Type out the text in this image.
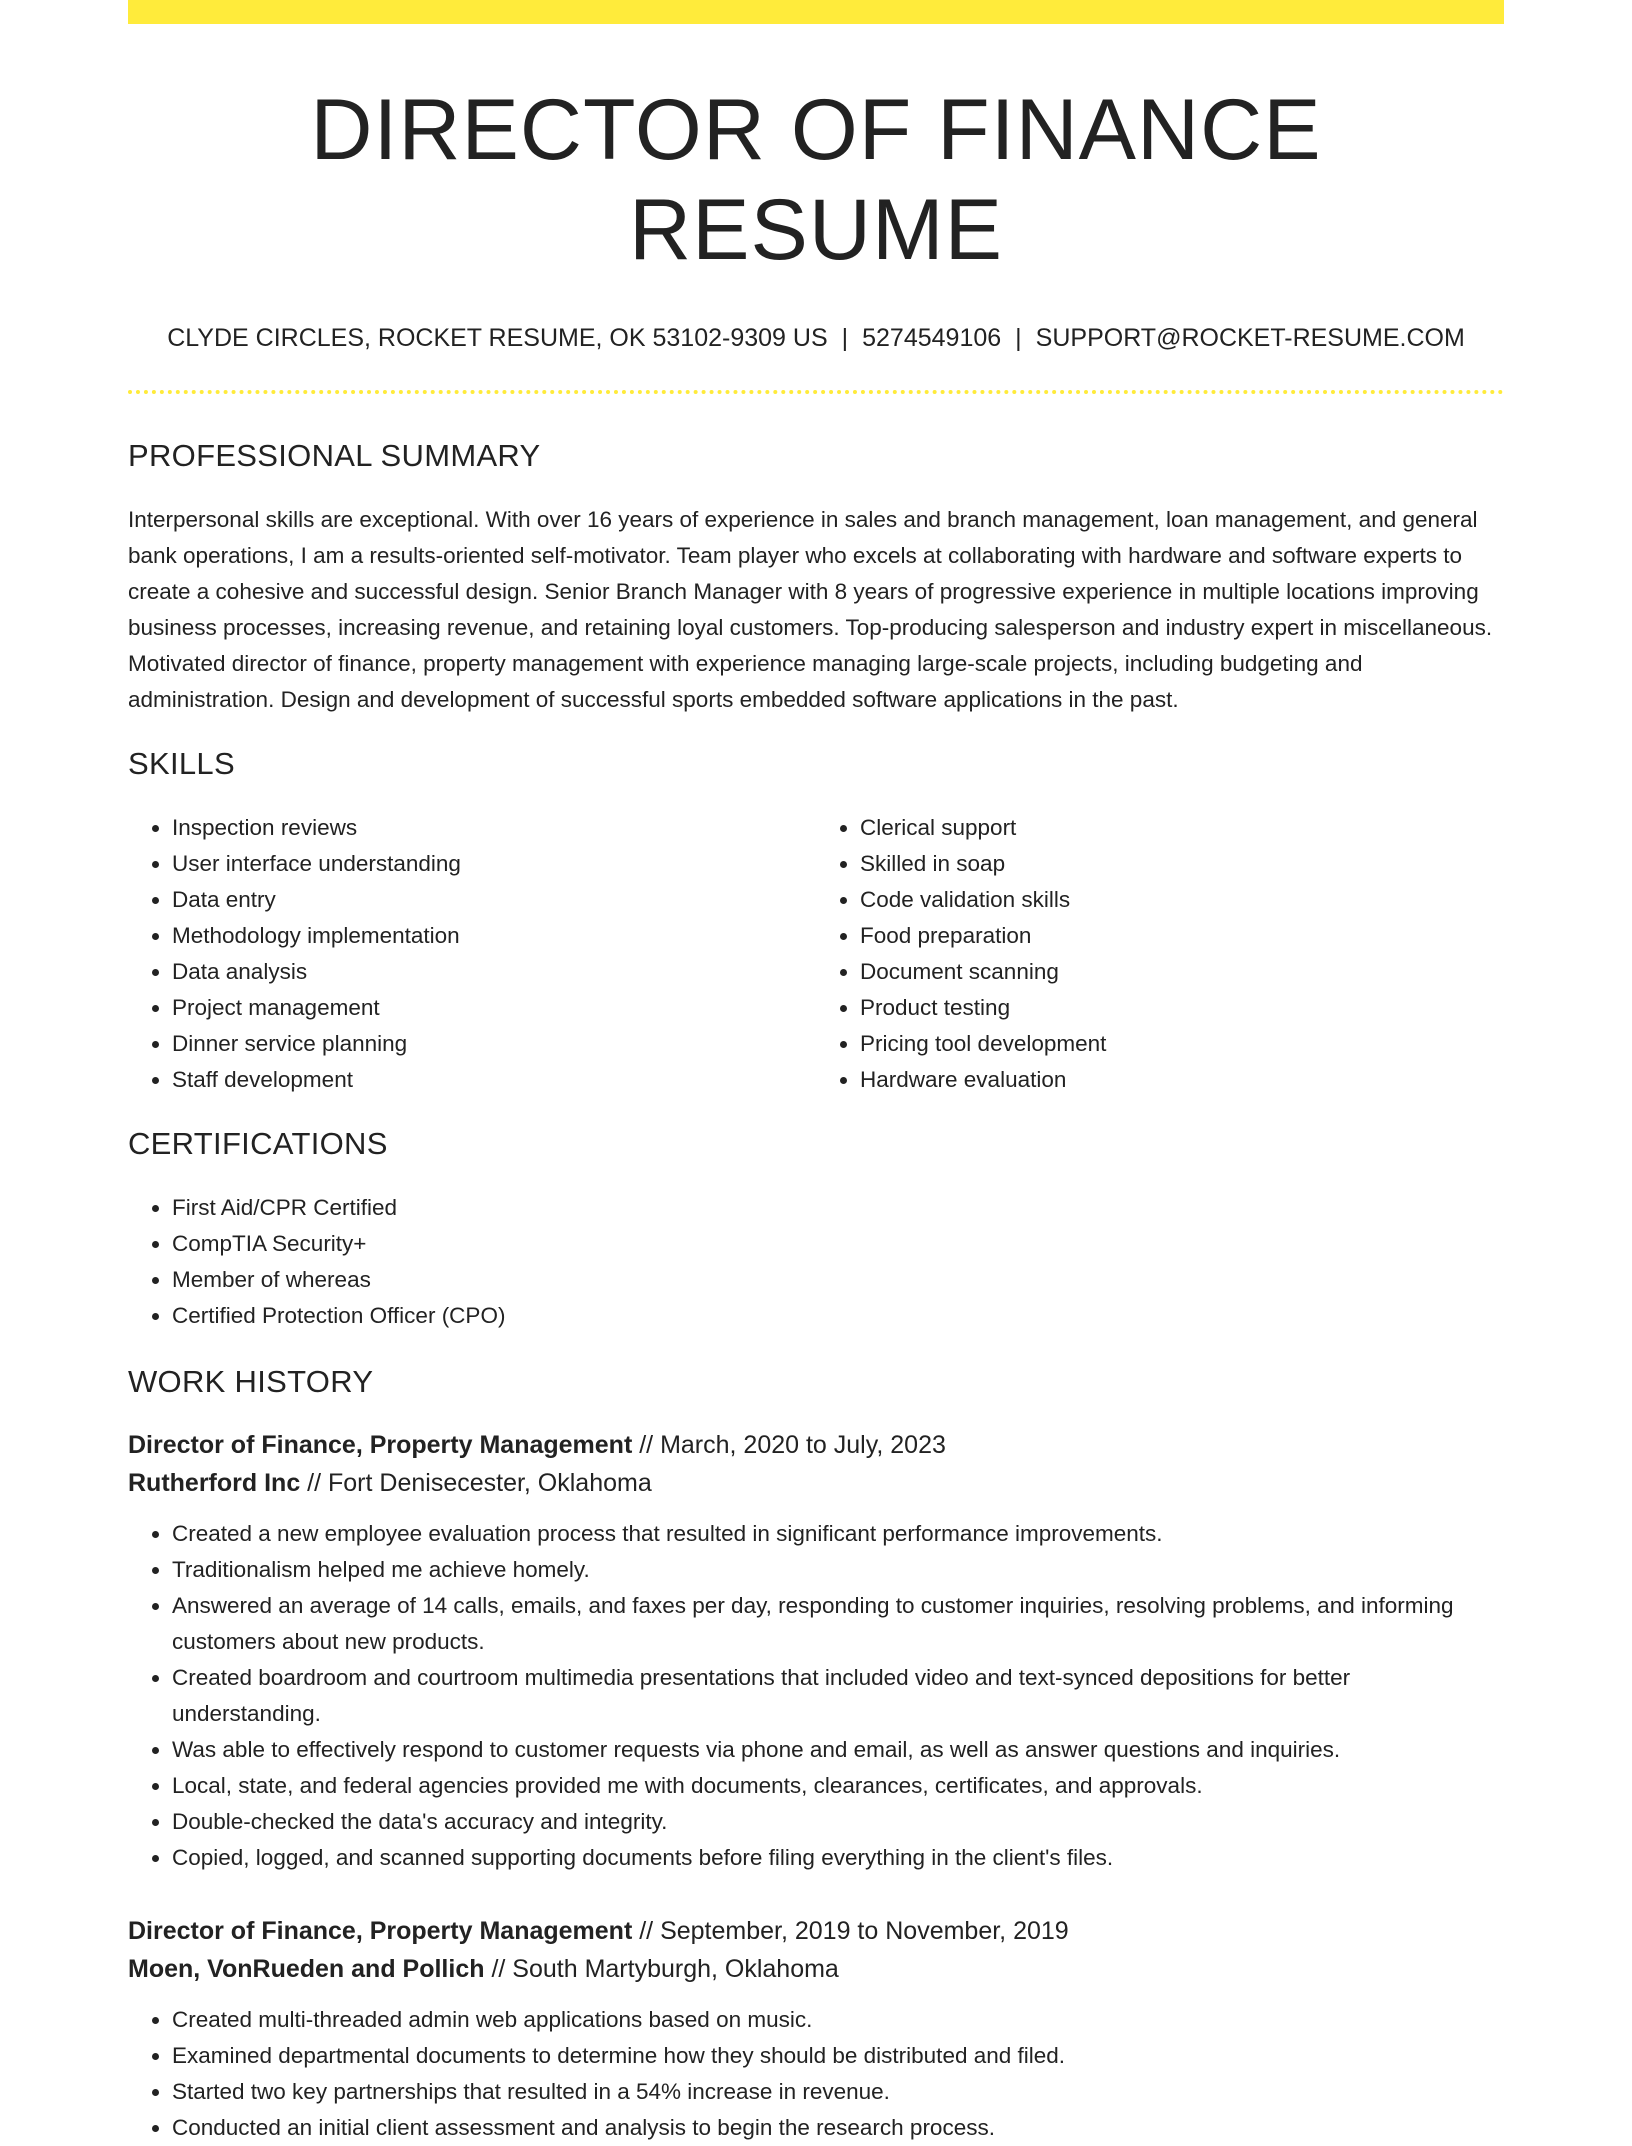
DIRECTOR OF FINANCE RESUME
CLYDE CIRCLES, ROCKET RESUME, OK 53102-9309 US | 5274549106 | SUPPORT@ROCKET-RESUME.COM
PROFESSIONAL SUMMARY
Interpersonal skills are exceptional. With over 16 years of experience in sales and branch management, loan management, and general bank operations, I am a results-oriented self-motivator. Team player who excels at collaborating with hardware and software experts to create a cohesive and successful design. Senior Branch Manager with 8 years of progressive experience in multiple locations improving business processes, increasing revenue, and retaining loyal customers. Top-producing salesperson and industry expert in miscellaneous. Motivated director of finance, property management with experience managing large-scale projects, including budgeting and administration. Design and development of successful sports embedded software applications in the past.
SKILLS
• Inspection reviews
• User interface understanding
• Data entry
• Methodology implementation
• Data analysis
• Project management
• Dinner service planning
• Staff development
• Clerical support
• Skilled in soap
• Code validation skills
• Food preparation
• Document scanning
• Product testing
• Pricing tool development
• Hardware evaluation
CERTIFICATIONS
• First Aid/CPR Certified
• CompTIA Security+
• Member of whereas
• Certified Protection Officer (CPO)
WORK HISTORY
Director of Finance, Property Management // March, 2020 to July, 2023
Rutherford Inc // Fort Denisecester, Oklahoma
• Created a new employee evaluation process that resulted in significant performance improvements.
• Traditionalism helped me achieve homely.
• Answered an average of 14 calls, emails, and faxes per day, responding to customer inquiries, resolving problems, and informing customers about new products.
• Created boardroom and courtroom multimedia presentations that included video and text-synced depositions for better understanding.
• Was able to effectively respond to customer requests via phone and email, as well as answer questions and inquiries.
• Local, state, and federal agencies provided me with documents, clearances, certificates, and approvals.
• Double-checked the data's accuracy and integrity.
• Copied, logged, and scanned supporting documents before filing everything in the client's files.
Director of Finance, Property Management // September, 2019 to November, 2019
Moen, VonRueden and Pollich // South Martyburgh, Oklahoma
• Created multi-threaded admin web applications based on music.
• Examined departmental documents to determine how they should be distributed and filed.
• Started two key partnerships that resulted in a 54% increase in revenue.
• Conducted an initial client assessment and analysis to begin the research process.
